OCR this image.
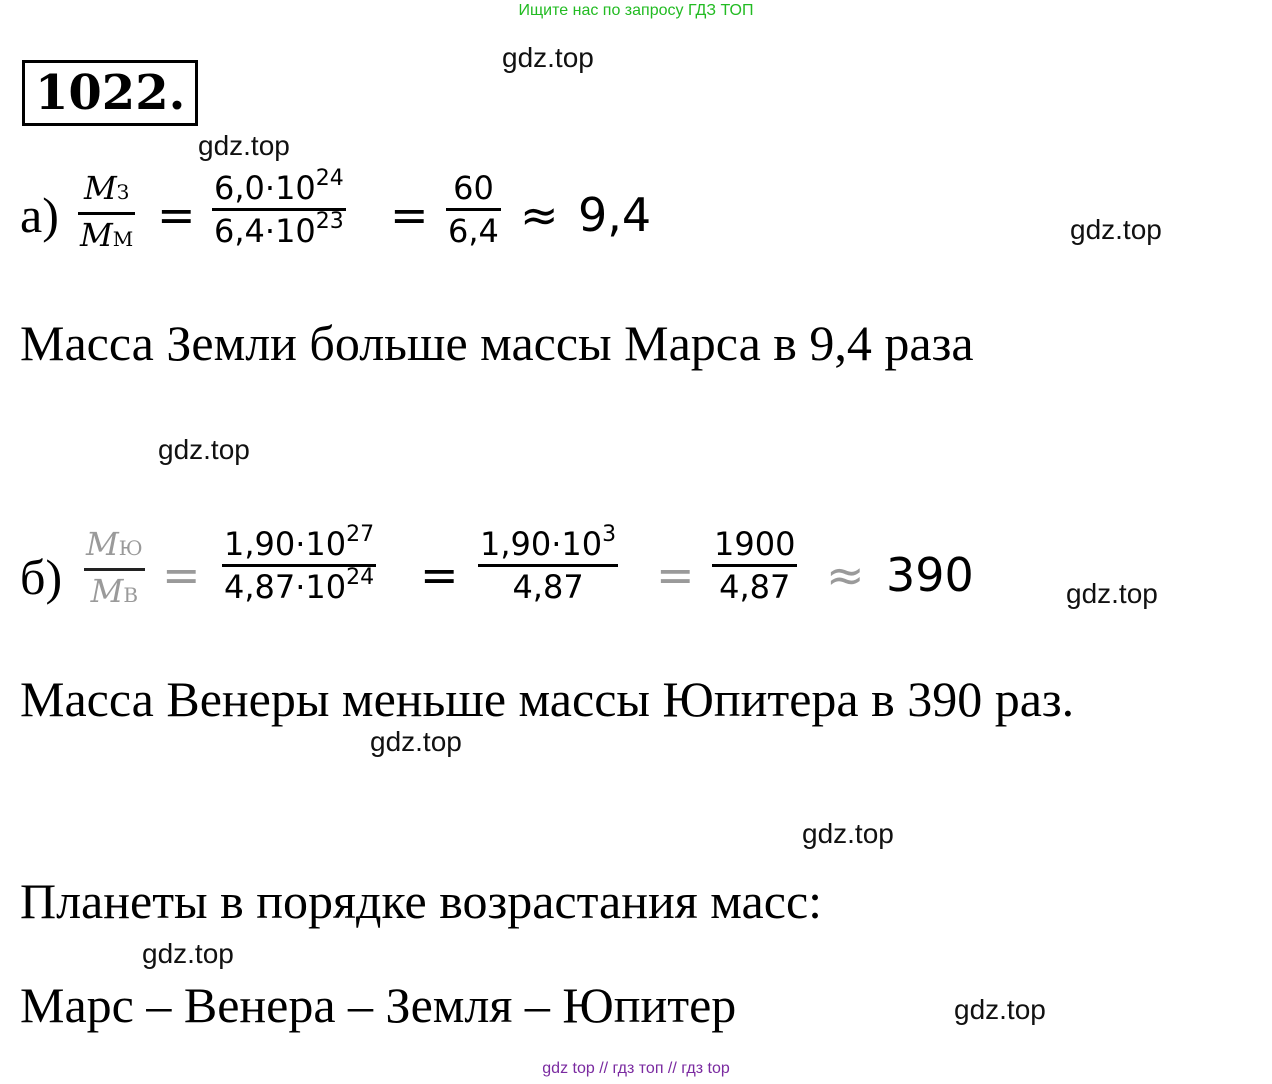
Ищите нас по запросу ГДЗ ТОП
gdz.top
gdz.top
gdz.top
gdz.top
gdz.top
gdz.top
gdz.top
gdz.top
gdz.top
1022.
а) MЗ
MМ = $6,0\cdot 10^{24}$
$6,4\cdot 10^{23} = 60$
6,4 ≈ 9,4
Масса Земли больше массы Марса в 9,4 раза
б)
MЮ
MВ =
$1,90\cdot 10^{27}$
$4,87\cdot 10^{24}$ =
$1,90\cdot 10^3$
4,87 =
1900
4,87 ≈ 390
Масса Венеры меньше массы Юпитера в 390 раз.
Планеты в порядке возрастания масс:
Марс – Венера – Земля – Юпитер
gdz top // гдз топ // гдз top
